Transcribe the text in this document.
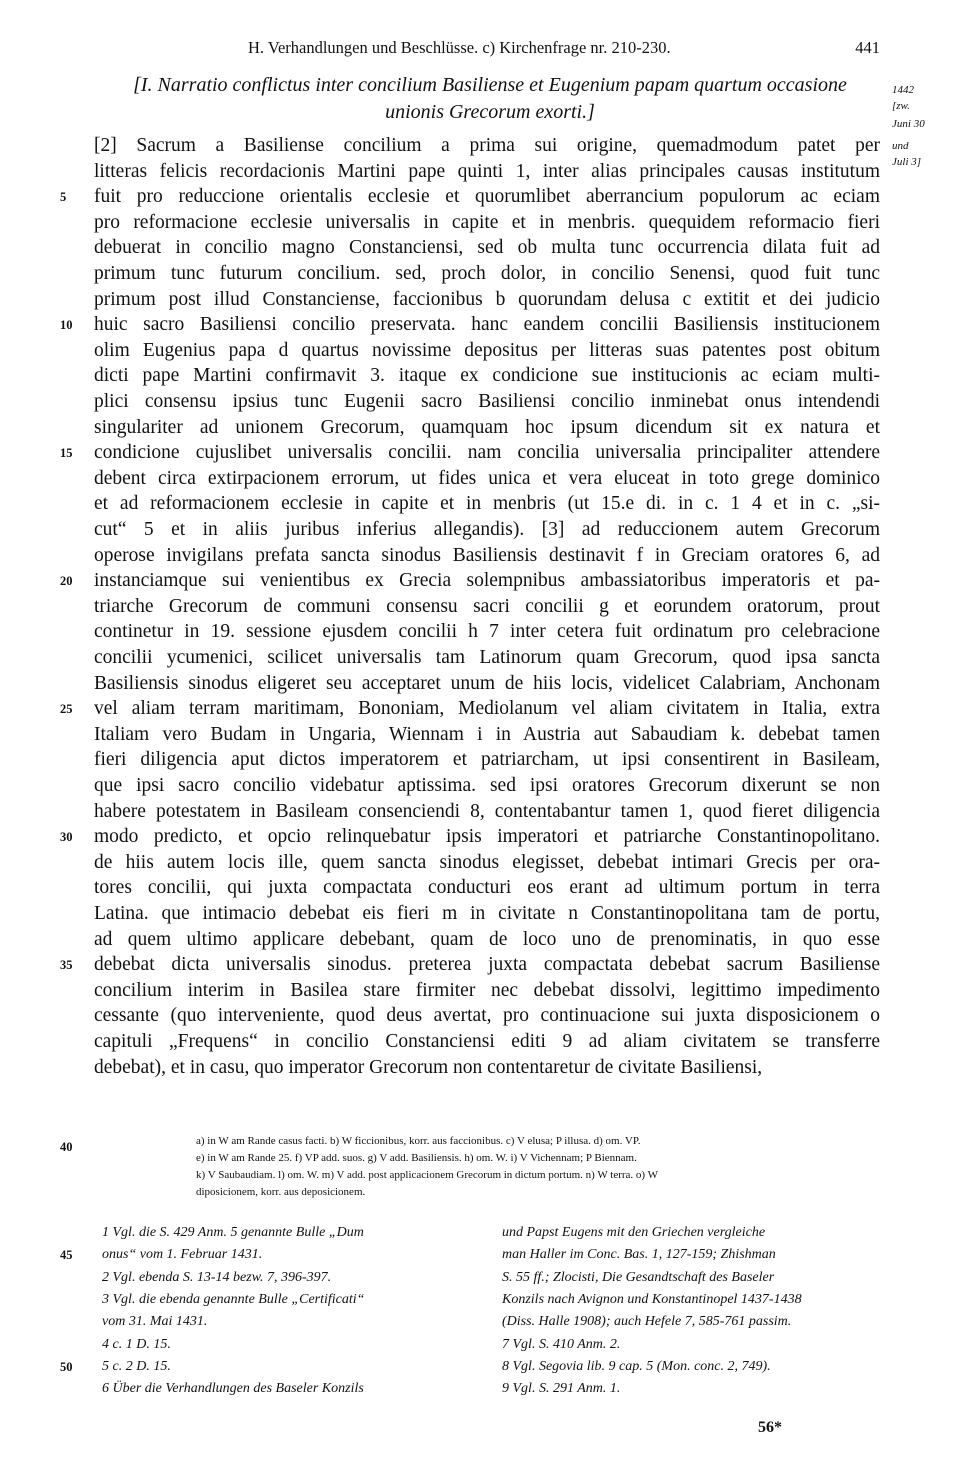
H. Verhandlungen und Beschlüsse. c) Kirchenfrage nr. 210-230.	441
[I. Narratio conflictus inter concilium Basiliense et Eugenium papam quartum occasione
unionis Grecorum exorti.]
1442
[zw.
Juni 30
und
Juli 3]
[2] Sacrum a Basiliense concilium a prima sui origine, quemadmodum patet per
litteras felicis recordacionis Martini pape quinti 1, inter alias principales causas institutum
fuit pro reduccione orientalis ecclesie et quorumlibet aberrancium populorum ac eciam
5
pro reformacione ecclesie universalis in capite et in menbris. quequidem reformacio fieri
debuerat in concilio magno Constanciensi, sed ob multa tunc occurrencia dilata fuit ad
primum tunc futurum concilium. sed, proch dolor, in concilio Senensi, quod fuit tunc
primum post illud Constanciense, faccionibus b quorundam delusa c extitit et dei judicio
huic sacro Basiliensi concilio preservata. hanc eandem concilii Basiliensis institucionem
10
olim Eugenius papa d quartus novissime depositus per litteras suas patentes post obitum
dicti pape Martini confirmavit 3. itaque ex condicione sue institucionis ac eciam multi-
plici consensu ipsius tunc Eugenii sacro Basiliensi concilio inminebat onus intendendi
singulariter ad unionem Grecorum, quamquam hoc ipsum dicendum sit ex natura et
condicione cujuslibet universalis concilii. nam concilia universalia principaliter attendere
15
debent circa extirpacionem errorum, ut fides unica et vera eluceat in toto grege dominico
et ad reformacionem ecclesie in capite et in menbris (ut 15.e di. in c. 1 4 et in c. „si-
cut“ 5 et in aliis juribus inferius allegandis). [3] ad reduccionem autem Grecorum
operose invigilans prefata sancta sinodus Basiliensis destinavit f in Greciam oratores 6, ad
instanciamque sui venientibus ex Grecia solempnibus ambassiatoribus imperatoris et pa-
20
triarche Grecorum de communi consensu sacri concilii g et eorundem oratorum, prout
continetur in 19. sessione ejusdem concilii h 7 inter cetera fuit ordinatum pro celebracione
concilii ycumenici, scilicet universalis tam Latinorum quam Grecorum, quod ipsa sancta
Basiliensis sinodus eligeret seu acceptaret unum de hiis locis, videlicet Calabriam, Anchonam
vel aliam terram maritimam, Bononiam, Mediolanum vel aliam civitatem in Italia, extra
25
Italiam vero Budam in Ungaria, Wiennam i in Austria aut Sabaudiam k. debebat tamen
fieri diligencia aput dictos imperatorem et patriarcham, ut ipsi consentirent in Basileam,
que ipsi sacro concilio videbatur aptissima. sed ipsi oratores Grecorum dixerunt se non
habere potestatem in Basileam consenciendi 8, contentabantur tamen 1, quod fieret diligencia
modo predicto, et opcio relinquebatur ipsis imperatori et patriarche Constantinopolitano.
30
de hiis autem locis ille, quem sancta sinodus elegisset, debebat intimari Grecis per ora-
tores concilii, qui juxta compactata conducturi eos erant ad ultimum portum in terra
Latina. que intimacio debebat eis fieri m in civitate n Constantinopolitana tam de portu,
ad quem ultimo applicare debebant, quam de loco uno de prenominatis, in quo esse
debebat dicta universalis sinodus. preterea juxta compactata debebat sacrum Basiliense
35
concilium interim in Basilea stare firmiter nec debebat dissolvi, legittimo impedimento
cessante (quo interveniente, quod deus avertat, pro continuacione sui juxta disposicionem o
capituli „Frequens“ in concilio Constanciensi editi 9 ad aliam civitatem se transferre
debebat), et in casu, quo imperator Grecorum non contentaretur de civitate Basiliensi,
40	a) in W am Rande casus facti. b) W ficcionibus, korr. aus faccionibus. c) V elusa; P illusa. d) om. VP.
e) in W am Rande 25. f) VP add. suos. g) V add. Basiliensis. h) om. W. i) V Vichennam; P Biennam.
k) V Saubaudiam. l) om. W. m) V add. post applicacionem Grecorum in dictum portum. n) W terra. o) W
diposicionem, korr. aus deposicionem.
1 Vgl. die S. 429 Anm. 5 genannte Bulle „Dum
onus“ vom 1. Februar 1431.
45
2 Vgl. ebenda S. 13-14 bezw. 7, 396-397.
3 Vgl. die ebenda genannte Bulle „Certificati“
vom 31. Mai 1431.
4 c. 1 D. 15.
5 c. 2 D. 15.
50
6 Über die Verhandlungen des Baseler Konzils
und Papst Eugens mit den Griechen vergleiche
man Haller im Conc. Bas. 1, 127-159; Zhishman
S. 55 ff.; Zlocisti, Die Gesandtschaft des Baseler
Konzils nach Avignon und Konstantinopel 1437-1438
(Diss. Halle 1908); auch Hefele 7, 585-761 passim.
7 Vgl. S. 410 Anm. 2.
8 Vgl. Segovia lib. 9 cap. 5 (Mon. conc. 2, 749).
9 Vgl. S. 291 Anm. 1.
56*
